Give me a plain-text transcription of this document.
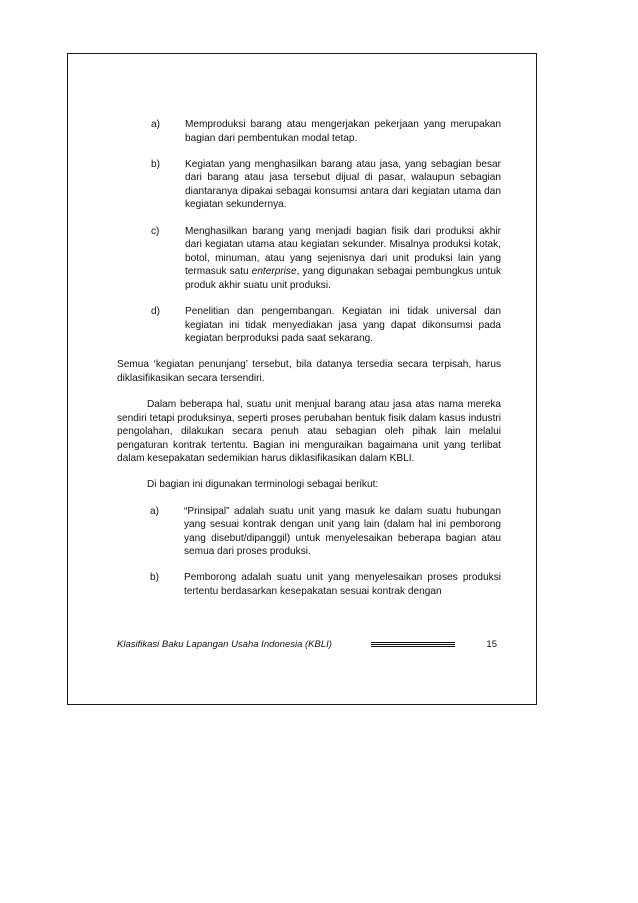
a)	Memproduksi barang atau mengerjakan pekerjaan yang merupakan bagian dari pembentukan modal tetap.
b)	Kegiatan yang menghasilkan barang atau jasa, yang sebagian besar dari barang atau jasa tersebut dijual di pasar, walaupun sebagian diantaranya dipakai sebagai konsumsi antara dari kegiatan utama dan kegiatan sekundernya.
c)	Menghasilkan barang yang menjadi bagian fisik dari produksi akhir dari kegiatan utama atau kegiatan sekunder. Misalnya produksi kotak, botol, minuman, atau yang sejenisnya dari unit produksi lain yang termasuk satu enterprise, yang digunakan sebagai pembungkus untuk produk akhir suatu unit produksi.
d)	Penelitian dan pengembangan. Kegiatan ini tidak universal dan kegiatan ini tidak menyediakan jasa yang dapat dikonsumsi pada kegiatan berproduksi pada saat sekarang.
Semua ‘kegiatan penunjang’ tersebut, bila datanya tersedia secara terpisah, harus diklasifikasikan secara tersendiri.
Dalam beberapa hal, suatu unit menjual barang atau jasa atas nama mereka sendiri tetapi produksinya, seperti proses perubahan bentuk fisik dalam kasus industri pengolahan, dilakukan secara penuh atau sebagian oleh pihak lain melalui pengaturan kontrak tertentu. Bagian ini menguraikan bagaimana unit yang terlibat dalam kesepakatan sedemikian harus diklasifikasikan dalam KBLI.
Di bagian ini digunakan terminologi sebagai berikut:
a)	“Prinsipal” adalah suatu unit yang masuk ke dalam suatu hubungan yang sesuai kontrak dengan unit yang lain (dalam hal ini pemborong yang disebut/dipanggil) untuk menyelesaikan beberapa bagian atau semua dari proses produksi.
b)	Pemborong adalah suatu unit yang menyelesaikan proses produksi tertentu berdasarkan kesepakatan sesuai kontrak dengan
Klasifikasi Baku Lapangan Usaha Indonesia (KBLI)	15
